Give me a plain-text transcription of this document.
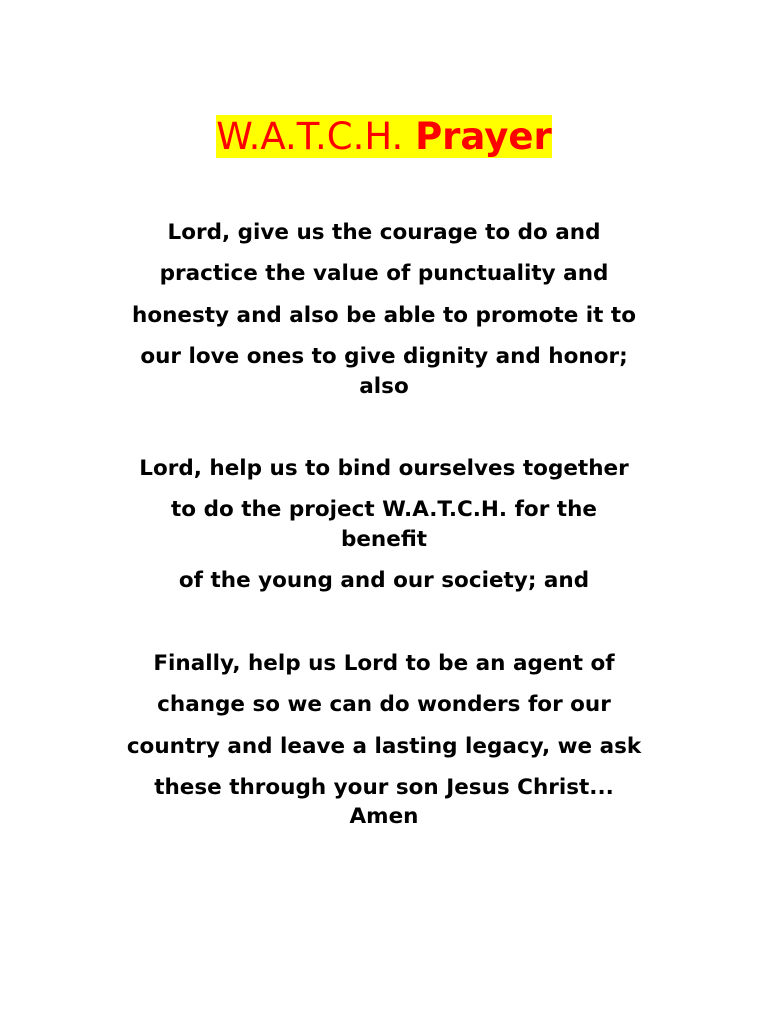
W.A.T.C.H. Prayer
Lord, give us the courage to do and
practice the value of punctuality and
honesty and also be able to promote it to
our love ones to give dignity and honor;
also
Lord, help us to bind ourselves together
to do the project W.A.T.C.H. for the
benefit
of the young and our society; and
Finally, help us Lord to be an agent of
change so we can do wonders for our
country and leave a lasting legacy, we ask
these through your son Jesus Christ...
Amen
